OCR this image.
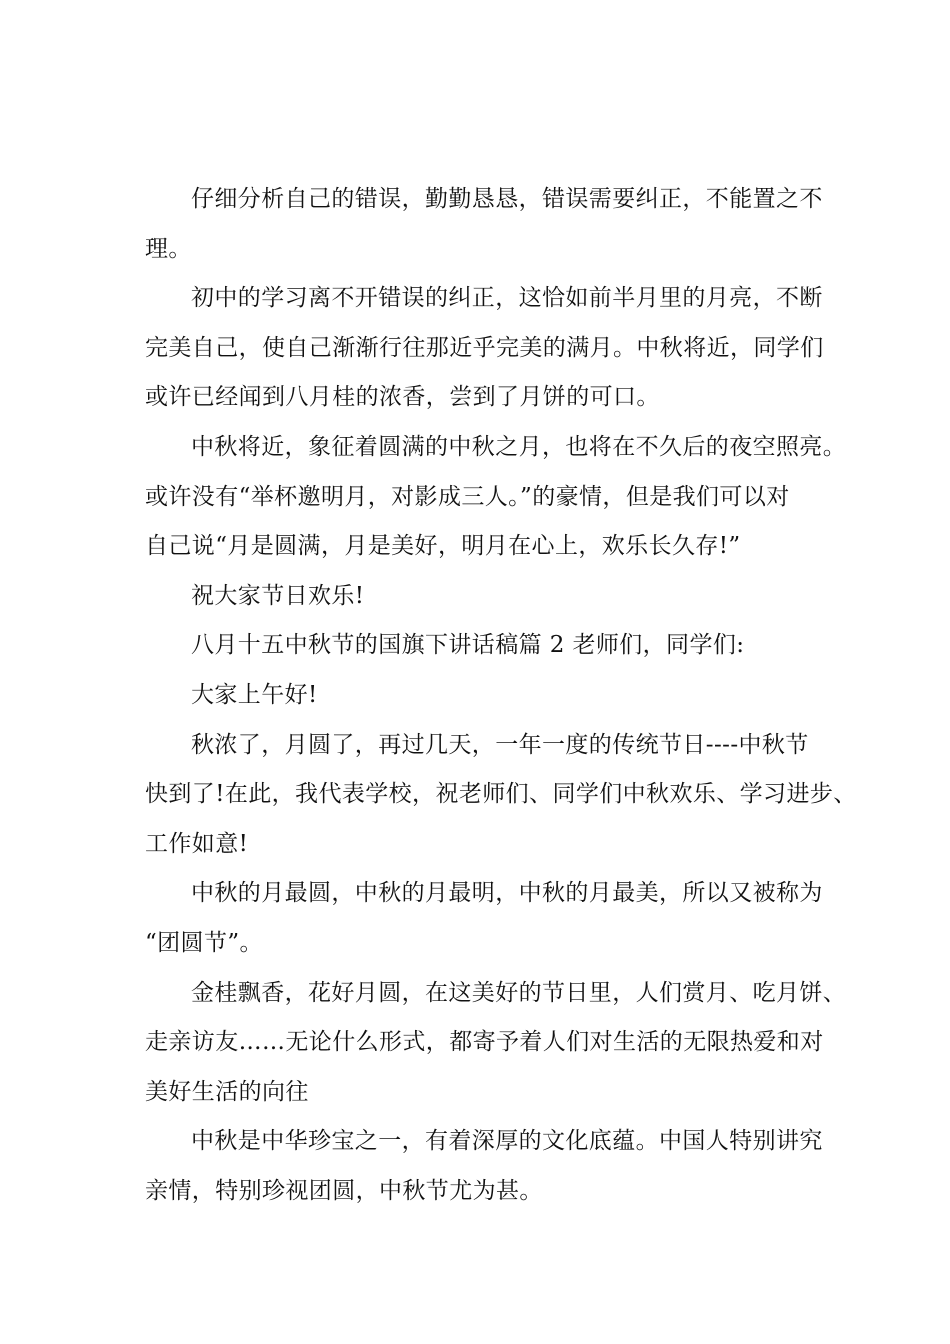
仔细分析自己的错误，勤勤恳恳，错误需要纠正，不能置之不
理。
初中的学习离不开错误的纠正，这恰如前半月里的月亮，不断
完美自己，使自己渐渐行往那近乎完美的满月。中秋将近，同学们
或许已经闻到八月桂的浓香，尝到了月饼的可口。
中秋将近，象征着圆满的中秋之月，也将在不久后的夜空照亮。
或许没有“举杯邀明月，对影成三人。”的豪情，但是我们可以对
自己说“月是圆满，月是美好，明月在心上，欢乐长久存!”
祝大家节日欢乐!
八月十五中秋节的国旗下讲话稿篇 2 老师们，同学们:
大家上午好!
秋浓了，月圆了，再过几天，一年一度的传统节日----中秋节
快到了!在此，我代表学校，祝老师们、同学们中秋欢乐、学习进步、
工作如意!
中秋的月最圆，中秋的月最明，中秋的月最美，所以又被称为
“团圆节”。
金桂飘香，花好月圆，在这美好的节日里，人们赏月、吃月饼、
走亲访友……无论什么形式，都寄予着人们对生活的无限热爱和对
美好生活的向往
中秋是中华珍宝之一，有着深厚的文化底蕴。中国人特别讲究
亲情，特别珍视团圆，中秋节尤为甚。
